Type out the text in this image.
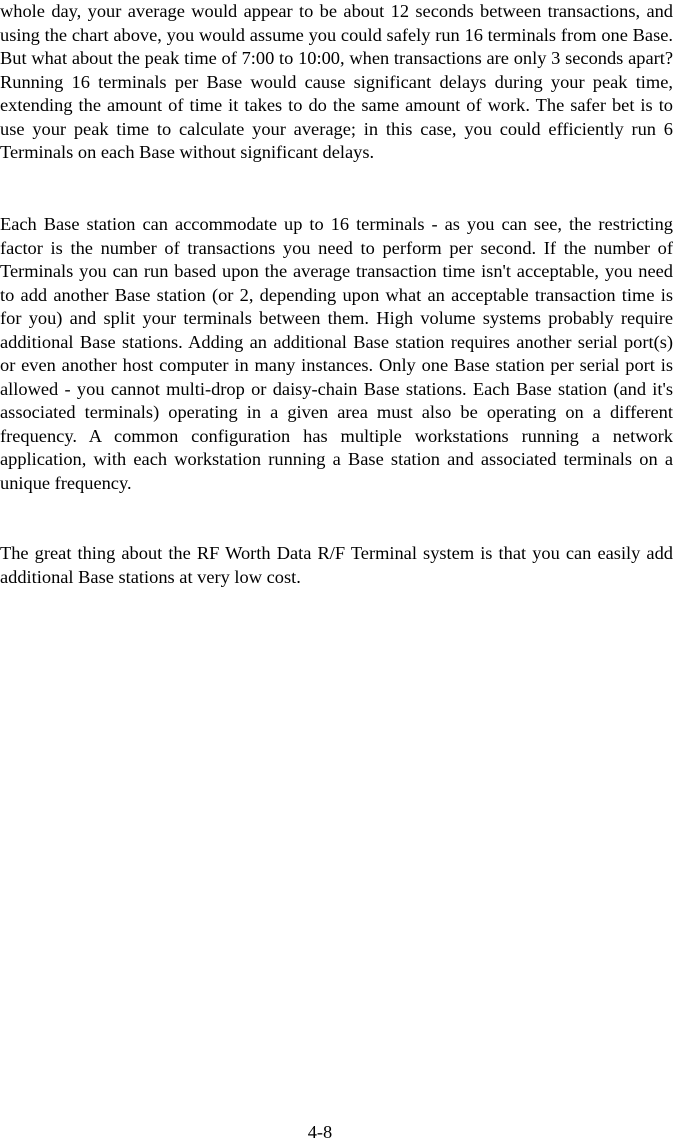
whole day, your average would appear to be about 12 seconds between transactions, and using the chart above, you would assume you could safely run 16 terminals from one Base. But what about the peak time of 7:00 to 10:00, when transactions are only 3 seconds apart? Running 16 terminals per Base would cause significant delays during your peak time, extending the amount of time it takes to do the same amount of work. The safer bet is to use your peak time to calculate your average; in this case, you could efficiently run 6 Terminals on each Base without significant delays.

Each Base station can accommodate up to 16 terminals - as you can see, the restricting factor is the number of transactions you need to perform per second. If the number of Terminals you can run based upon the average transaction time isn't acceptable, you need to add another Base station (or 2, depending upon what an acceptable transaction time is for you) and split your terminals between them. High volume systems probably require additional Base stations. Adding an additional Base station requires another serial port(s) or even another host computer in many instances. Only one Base station per serial port is allowed - you cannot multi-drop or daisy-chain Base stations. Each Base station (and it's associated terminals) operating in a given area must also be operating on a different frequency. A common configuration has multiple workstations running a network application, with each workstation running a Base station and associated terminals on a unique frequency.

The great thing about the RF Worth Data R/F Terminal system is that you can easily add additional Base stations at very low cost.

4-8
